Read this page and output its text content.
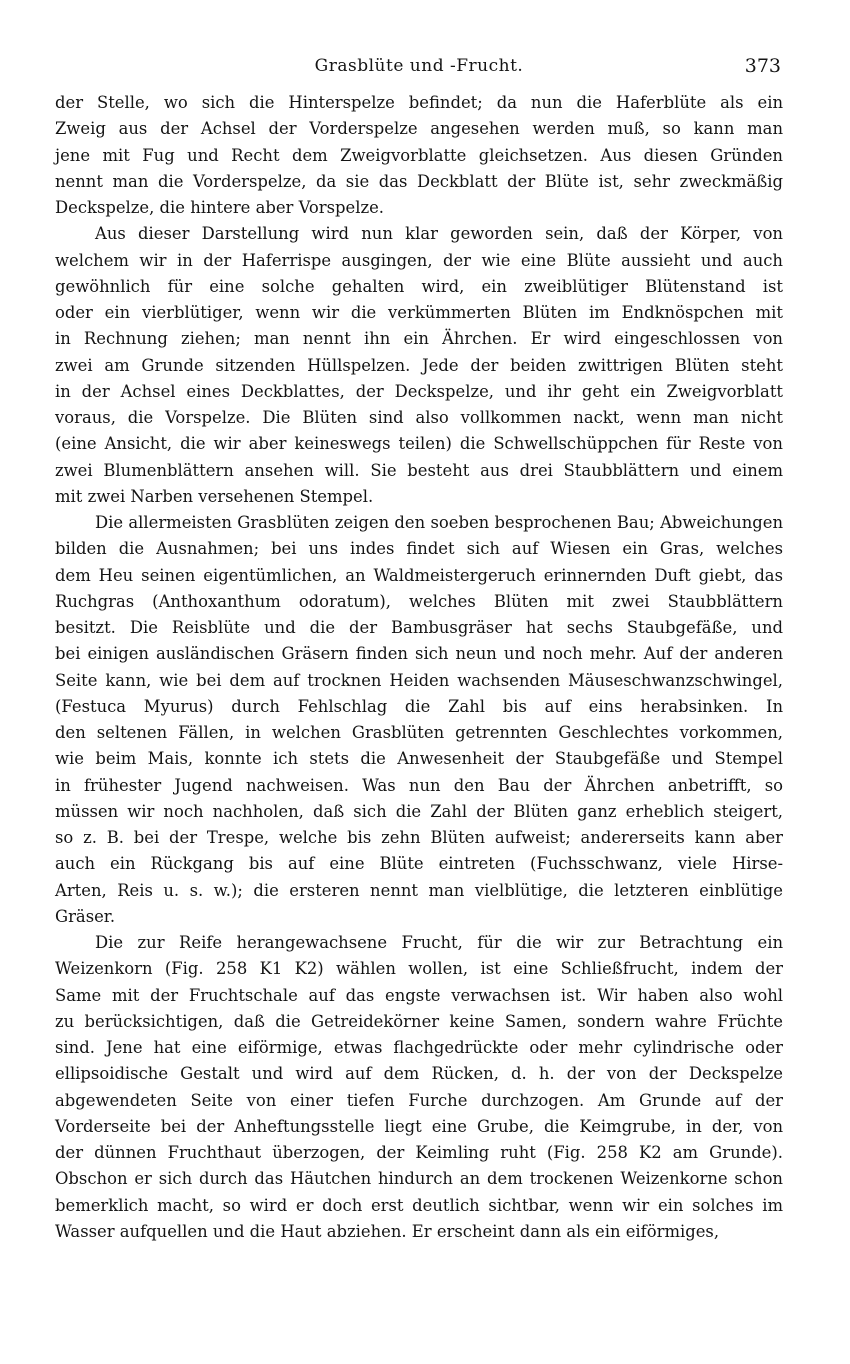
Grasblüte und -Frucht.	373

der Stelle, wo sich die Hinterspelze befindet; da nun die Haferblüte als ein
Zweig aus der Achsel der Vorderspelze angesehen werden muß, so kann man
jene mit Fug und Recht dem Zweigvorblatte gleichsetzen. Aus diesen Gründen
nennt man die Vorderspelze, da sie das Deckblatt der Blüte ist, sehr zweckmäßig
Deckspelze, die hintere aber Vorspelze.

Aus dieser Darstellung wird nun klar geworden sein, daß der Körper, von
welchem wir in der Haferrispe ausgingen, der wie eine Blüte aussieht und auch
gewöhnlich für eine solche gehalten wird, ein zweiblütiger Blütenstand ist
oder ein vierblütiger, wenn wir die verkümmerten Blüten im Endknöspchen mit
in Rechnung ziehen; man nennt ihn ein Ährchen. Er wird eingeschlossen von
zwei am Grunde sitzenden Hüllspelzen. Jede der beiden zwittrigen Blüten steht
in der Achsel eines Deckblattes, der Deckspelze, und ihr geht ein Zweigvorblatt
voraus, die Vorspelze. Die Blüten sind also vollkommen nackt, wenn man nicht
(eine Ansicht, die wir aber keineswegs teilen) die Schwellschüppchen für Reste von
zwei Blumenblättern ansehen will. Sie besteht aus drei Staubblättern und einem
mit zwei Narben versehenen Stempel.

Die allermeisten Grasblüten zeigen den soeben besprochenen Bau; Abweichungen
bilden die Ausnahmen; bei uns indes findet sich auf Wiesen ein Gras, welches
dem Heu seinen eigentümlichen, an Waldmeistergeruch erinnernden Duft giebt, das
Ruchgras (Anthoxanthum odoratum), welches Blüten mit zwei Staubblättern
besitzt. Die Reisblüte und die der Bambusgräser hat sechs Staubgefäße, und
bei einigen ausländischen Gräsern finden sich neun und noch mehr. Auf der anderen
Seite kann, wie bei dem auf trocknen Heiden wachsenden Mäuseschwanzschwingel,
(Festuca Myurus) durch Fehlschlag die Zahl bis auf eins herabsinken. In
den seltenen Fällen, in welchen Grasblüten getrennten Geschlechtes vorkommen,
wie beim Mais, konnte ich stets die Anwesenheit der Staubgefäße und Stempel
in frühester Jugend nachweisen. Was nun den Bau der Ährchen anbetrifft, so
müssen wir noch nachholen, daß sich die Zahl der Blüten ganz erheblich steigert,
so z. B. bei der Trespe, welche bis zehn Blüten aufweist; andererseits kann aber
auch ein Rückgang bis auf eine Blüte eintreten (Fuchsschwanz, viele Hirse-
Arten, Reis u. s. w.); die ersteren nennt man vielblütige, die letzteren einblütige
Gräser.

Die zur Reife herangewachsene Frucht, für die wir zur Betrachtung ein
Weizenkorn (Fig. 258 K1 K2) wählen wollen, ist eine Schließfrucht, indem der
Same mit der Fruchtschale auf das engste verwachsen ist. Wir haben also wohl
zu berücksichtigen, daß die Getreidekörner keine Samen, sondern wahre Früchte
sind. Jene hat eine eiförmige, etwas flachgedrückte oder mehr cylindrische oder
ellipsoidische Gestalt und wird auf dem Rücken, d. h. der von der Deckspelze
abgewendeten Seite von einer tiefen Furche durchzogen. Am Grunde auf der
Vorderseite bei der Anheftungsstelle liegt eine Grube, die Keimgrube, in der, von
der dünnen Fruchthaut überzogen, der Keimling ruht (Fig. 258 K2 am Grunde).
Obschon er sich durch das Häutchen hindurch an dem trockenen Weizenkorne schon
bemerklich macht, so wird er doch erst deutlich sichtbar, wenn wir ein solches im
Wasser aufquellen und die Haut abziehen. Er erscheint dann als ein eiförmiges,
